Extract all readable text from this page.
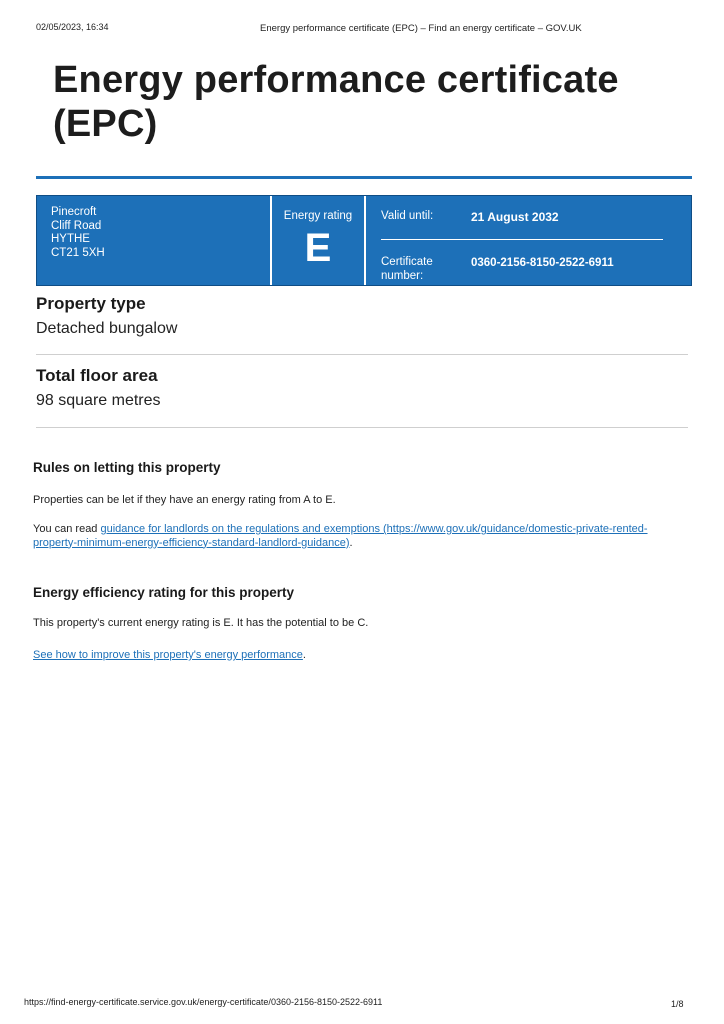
02/05/2023, 16:34	Energy performance certificate (EPC) – Find an energy certificate – GOV.UK
Energy performance certificate (EPC)
Pinecroft
Cliff Road
HYTHE
CT21 5XH
Energy rating
E
Valid until:	21 August 2032
Certificate number:
0360-2156-8150-2522-6911
Property type

Detached bungalow

Total floor area

98 square metres

Rules on letting this property

Properties can be let if they have an energy rating from A to E.

You can read guidance for landlords on the regulations and exemptions (https://www.gov.uk/guidance/domestic-private-rented-property-minimum-energy-efficiency-standard-landlord-guidance).

Energy efficiency rating for this property

This property's current energy rating is E. It has the potential to be C.

See how to improve this property's energy performance.

https://find-energy-certificate.service.gov.uk/energy-certificate/0360-2156-8150-2522-6911	1/8
